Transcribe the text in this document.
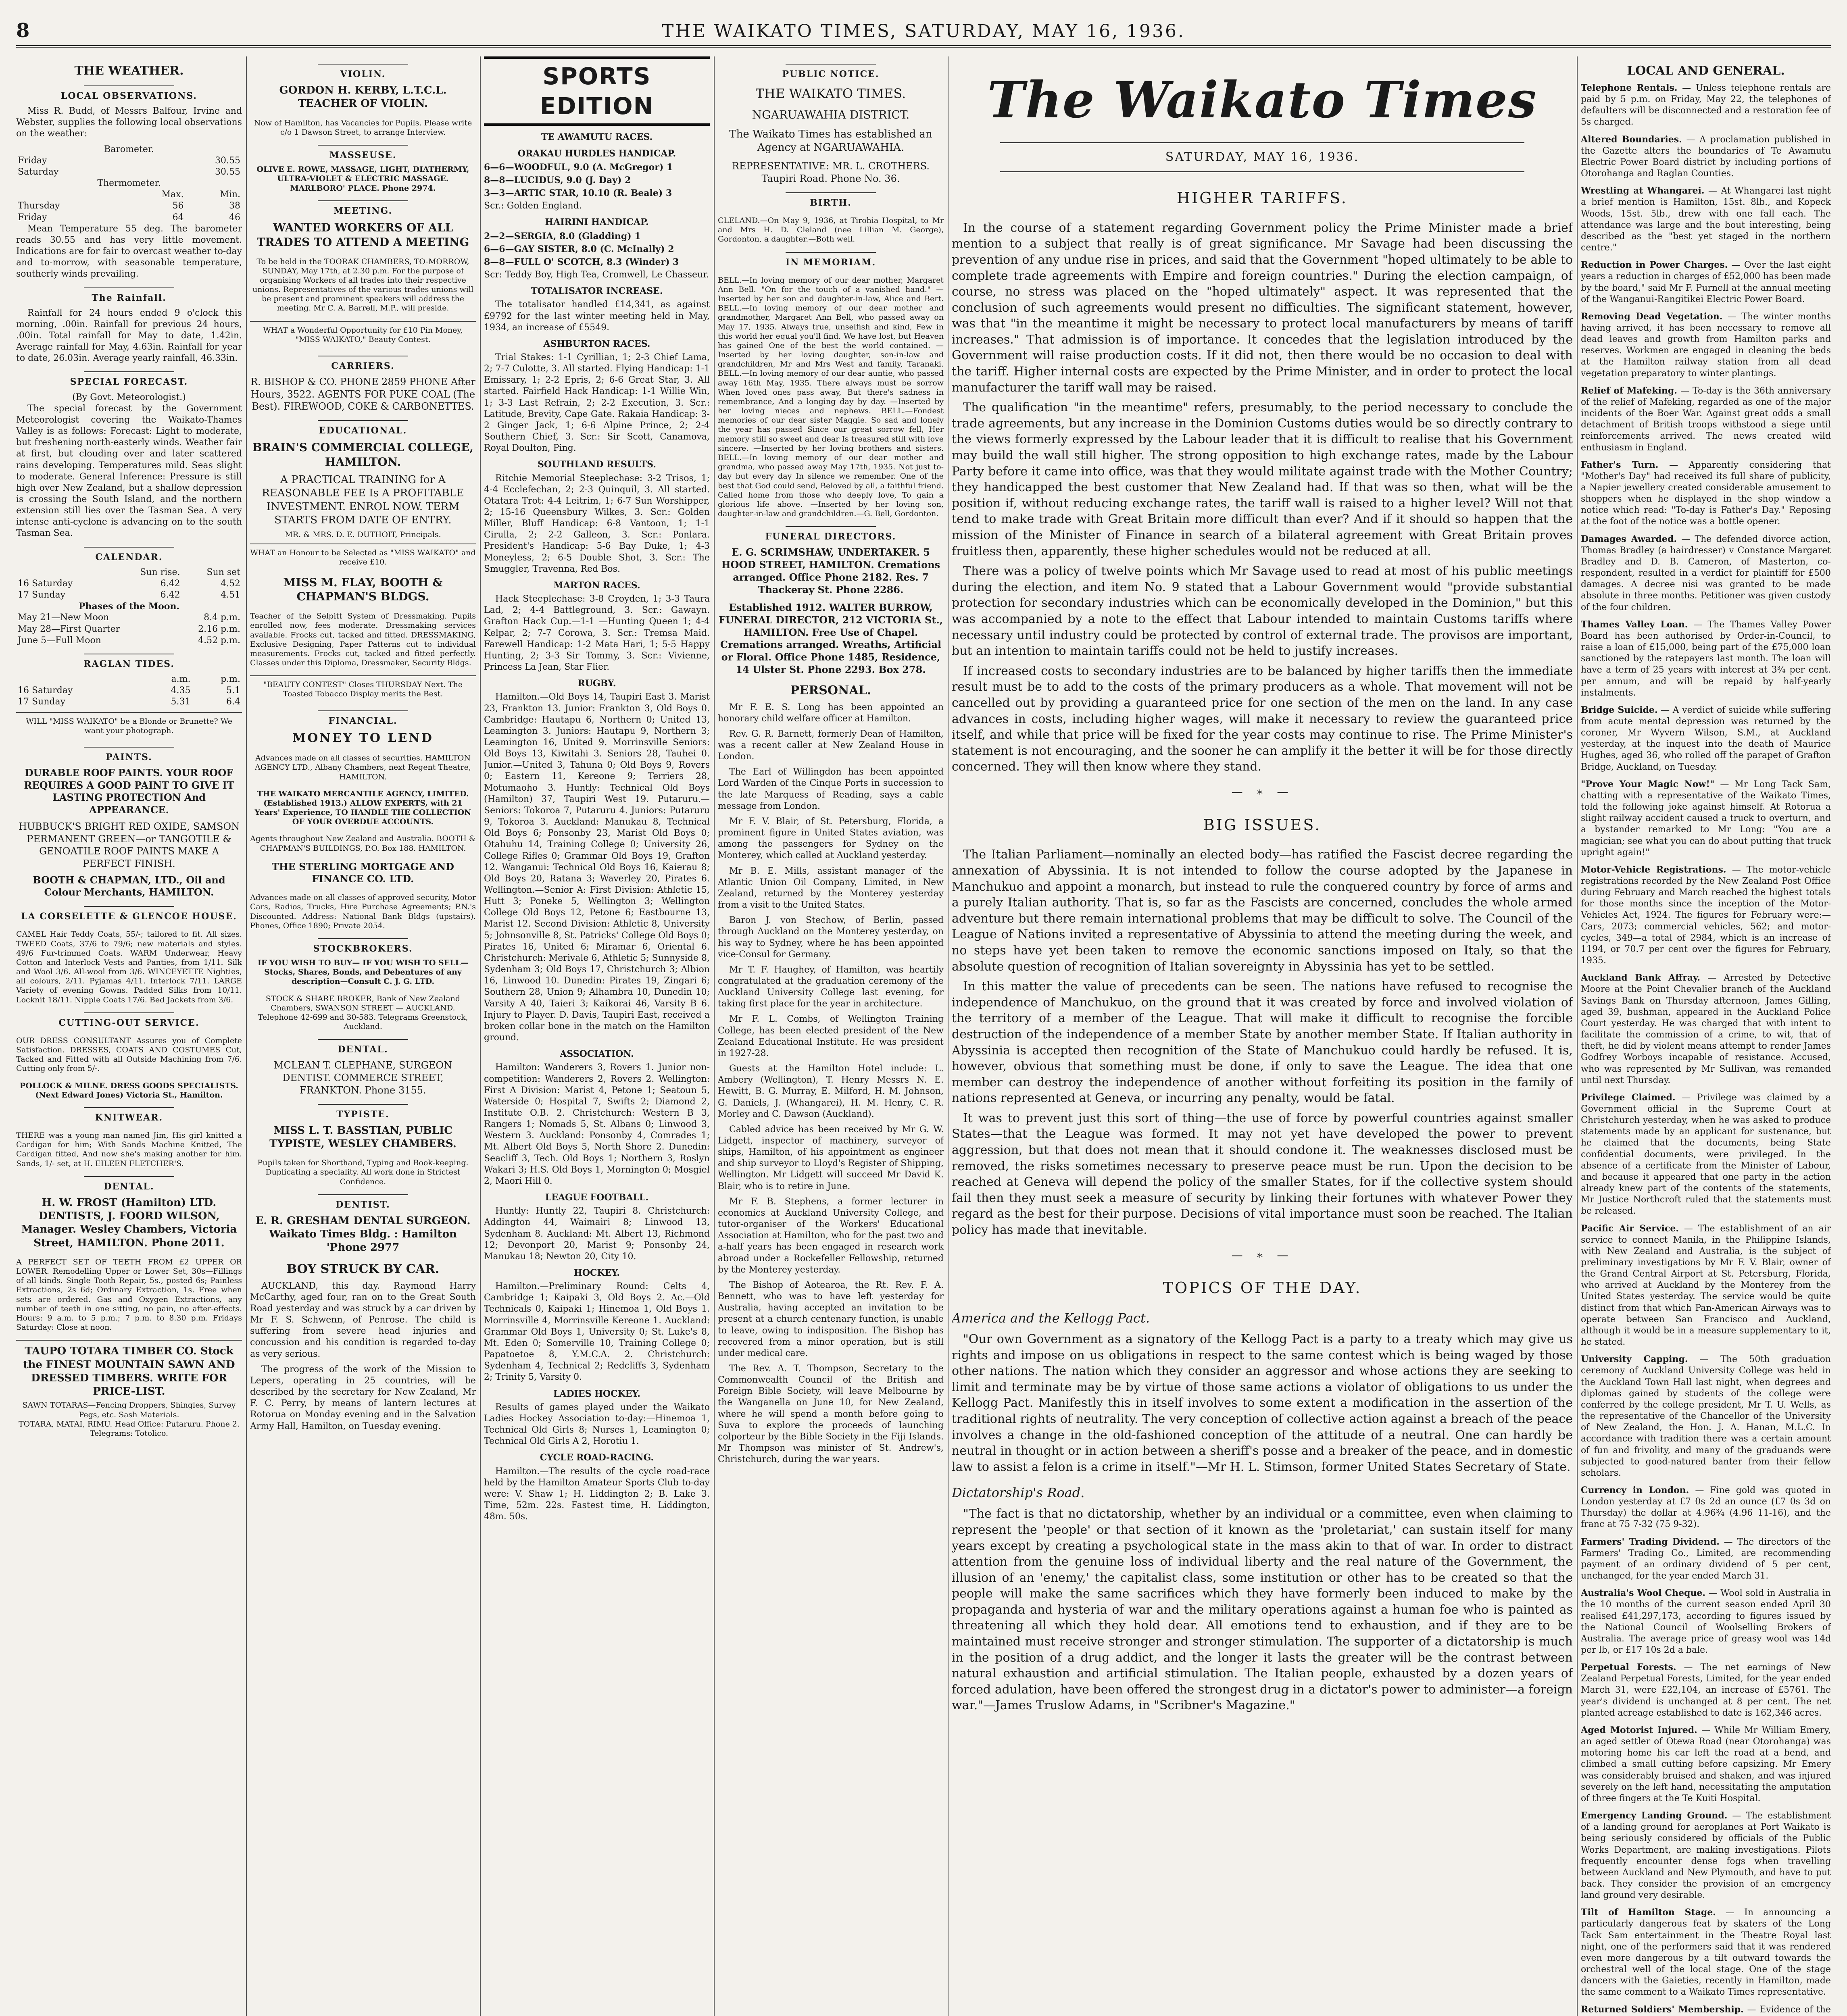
8	THE WAIKATO TIMES, SATURDAY, MAY 16, 1936.
THE WEATHER.
LOCAL OBSERVATIONS.

Miss R. Budd, of Messrs Balfour, Irvine and Webster, supplies the following local observations on the weather:

Barometer.
Friday	30.55
Saturday	30.55
Thermometer.
	Max.	Min.
Thursday	56	38
Friday	64	46

Mean Temperature 55 deg. The barometer reads 30.55 and has very little movement. Indications are for fair to overcast weather to-day and to-morrow, with seasonable temperature, southerly winds prevailing.

The Rainfall.

Rainfall for 24 hours ended 9 o'clock this morning, .00in. Rainfall for previous 24 hours, .00in. Total rainfall for May to date, 1.42in. Average rainfall for May, 4.63in. Rainfall for year to date, 26.03in. Average yearly rainfall, 46.33in.

SPECIAL FORECAST.
(By Govt. Meteorologist.)

The special forecast by the Government Meteorologist covering the Waikato-Thames Valley is as follows: Forecast: Light to moderate, but freshening north-easterly winds. Weather fair at first, but clouding over and later scattered rains developing. Temperatures mild. Seas slight to moderate. General Inference: Pressure is still high over New Zealand, but a shallow depression is crossing the South Island, and the northern extension still lies over the Tasman Sea. A very intense anti-cyclone is advancing on to the south Tasman Sea.

CALENDAR.
	Sun rise.	Sun set
16 Saturday	6.42	4.52
17 Sunday	6.42	4.51
Phases of the Moon.
May 21—New Moon	8.4 p.m.
May 28—First Quarter	2.16 p.m.
June 5—Full Moon	4.52 p.m.
RAGLAN TIDES.
	a.m.	p.m.
16 Saturday	4.35	5.1
17 Sunday	5.31	6.4
WILL "MISS WAIKATO" be a Blonde or Brunette? We want your photograph.
PAINTS.
DURABLE ROOF PAINTS. YOUR ROOF REQUIRES A GOOD PAINT TO GIVE IT LASTING PROTECTION And APPEARANCE.
HUBBUCK'S BRIGHT RED OXIDE, SAMSON PERMANENT GREEN—or TANGOTILE & GENOATILE ROOF PAINTS MAKE A PERFECT FINISH.
BOOTH & CHAPMAN, LTD., Oil and Colour Merchants, HAMILTON.
LA CORSELETTE & GLENCOE HOUSE.

CAMEL Hair Teddy Coats, 55/-; tailored to fit. All sizes. TWEED Coats, 37/6 to 79/6; new materials and styles. 49/6 Fur-trimmed Coats. WARM Underwear, Heavy Cotton and Interlock Vests and Panties, from 1/11. Silk and Wool 3/6. All-wool from 3/6. WINCEYETTE Nighties, all colours, 2/11. Pyjamas 4/11. Interlock 7/11. LARGE Variety of evening Gowns. Padded Silks from 10/11. Locknit 18/11. Nipple Coats 17/6. Bed Jackets from 3/6.

CUTTING-OUT SERVICE.

OUR DRESS CONSULTANT Assures you of Complete Satisfaction. DRESSES, COATS AND COSTUMES Cut, Tacked and Fitted with all Outside Machining from 7/6. Cutting only from 5/-.

POLLOCK & MILNE. DRESS GOODS SPECIALISTS. (Next Edward Jones) Victoria St., Hamilton.
KNITWEAR.

THERE was a young man named Jim, His girl knitted a Cardigan for him; With Sands Machine Knitted, The Cardigan fitted, And now she's making another for him. Sands, 1/- set, at H. EILEEN FLETCHER'S.

DENTAL.
H. W. FROST (Hamilton) LTD. DENTISTS, J. FOORD WILSON, Manager. Wesley Chambers, Victoria Street, HAMILTON. Phone 2011.

A PERFECT SET OF TEETH FROM £2 UPPER OR LOWER. Remodelling Upper or Lower Set, 30s—Fillings of all kinds. Single Tooth Repair, 5s., posted 6s; Painless Extractions, 2s 6d; Ordinary Extraction, 1s. Free when sets are ordered. Gas and Oxygen Extractions, any number of teeth in one sitting, no pain, no after-effects. Hours: 9 a.m. to 5 p.m.; 7 p.m. to 8.30 p.m. Fridays Saturday: Close at noon.

TAUPO TOTARA TIMBER CO. Stock the FINEST MOUNTAIN SAWN AND DRESSED TIMBERS. WRITE FOR PRICE-LIST.
SAWN TOTARAS—Fencing Droppers, Shingles, Survey Pegs, etc. Sash Materials.
TOTARA, MATAI, RIMU. Head Office: Putaruru. Phone 2. Telegrams: Totolico.
VIOLIN.
GORDON H. KERBY, L.T.C.L. TEACHER OF VIOLIN.

Now of Hamilton, has Vacancies for Pupils. Please write c/o 1 Dawson Street, to arrange Interview.

MASSEUSE.
OLIVE E. ROWE, MASSAGE, LIGHT, DIATHERMY, ULTRA-VIOLET & ELECTRIC MASSAGE. MARLBORO' PLACE. Phone 2974.
MEETING.
WANTED WORKERS OF ALL TRADES TO ATTEND A MEETING

To be held in the TOORAK CHAMBERS, TO-MORROW, SUNDAY, May 17th, at 2.30 p.m. For the purpose of organising Workers of all trades into their respective unions. Representatives of the various trades unions will be present and prominent speakers will address the meeting. Mr C. A. Barrell, M.P., will preside.

WHAT a Wonderful Opportunity for £10 Pin Money, "MISS WAIKATO," Beauty Contest.
CARRIERS.
R. BISHOP & CO. PHONE 2859 PHONE After Hours, 3522. AGENTS FOR PUKE COAL (The Best). FIREWOOD, COKE & CARBONETTES.
EDUCATIONAL.
BRAIN'S COMMERCIAL COLLEGE, HAMILTON.
A PRACTICAL TRAINING for A REASONABLE FEE Is A PROFITABLE INVESTMENT. ENROL NOW. TERM STARTS FROM DATE OF ENTRY.
MR. & MRS. D. E. DUTHOIT, Principals.
WHAT an Honour to be Selected as "MISS WAIKATO" and receive £10.
MISS M. FLAY, BOOTH & CHAPMAN'S BLDGS.

Teacher of the Selpitt System of Dressmaking. Pupils enrolled now, fees moderate. Dressmaking services available. Frocks cut, tacked and fitted. DRESSMAKING, Exclusive Designing, Paper Patterns cut to individual measurements. Frocks cut, tacked and fitted perfectly. Classes under this Diploma, Dressmaker, Security Bldgs.

"BEAUTY CONTEST" Closes THURSDAY Next. The Toasted Tobacco Display merits the Best.
FINANCIAL.
MONEY TO LEND

Advances made on all classes of securities. HAMILTON AGENCY LTD., Albany Chambers, next Regent Theatre, HAMILTON.

THE WAIKATO MERCANTILE AGENCY, LIMITED. (Established 1913.) ALLOW EXPERTS, with 21 Years' Experience, TO HANDLE THE COLLECTION OF YOUR OVERDUE ACCOUNTS.

Agents throughout New Zealand and Australia. BOOTH & CHAPMAN'S BUILDINGS, P.O. Box 188. HAMILTON.

THE STERLING MORTGAGE AND FINANCE CO. LTD.

Advances made on all classes of approved security, Motor Cars, Radios, Trucks, Hire Purchase Agreements; P.N.'s Discounted. Address: National Bank Bldgs (upstairs). Phones, Office 1890; Private 2054.

STOCKBROKERS.
IF YOU WISH TO BUY— IF YOU WISH TO SELL— Stocks, Shares, Bonds, and Debentures of any description—Consult C. J. G. LTD.

STOCK & SHARE BROKER, Bank of New Zealand Chambers, SWANSON STREET — AUCKLAND. Telephone 42-699 and 30-583. Telegrams Greenstock, Auckland.

DENTAL.
MCLEAN T. CLEPHANE, SURGEON DENTIST. COMMERCE STREET, FRANKTON. Phone 3155.
TYPISTE.
MISS L. T. BASSTIAN, PUBLIC TYPISTE, WESLEY CHAMBERS.

Pupils taken for Shorthand, Typing and Book-keeping. Duplicating a speciality. All work done in Strictest Confidence.

DENTIST.
E. R. GRESHAM DENTAL SURGEON. Waikato Times Bldg. : Hamilton 'Phone 2977
BOY STRUCK BY CAR.

AUCKLAND, this day. Raymond Harry McCarthy, aged four, ran on to the Great South Road yesterday and was struck by a car driven by Mr F. S. Schwenn, of Penrose. The child is suffering from severe head injuries and concussion and his condition is regarded to-day as very serious.

The progress of the work of the Mission to Lepers, operating in 25 countries, will be described by the secretary for New Zealand, Mr F. C. Perry, by means of lantern lectures at Rotorua on Monday evening and in the Salvation Army Hall, Hamilton, on Tuesday evening.

SPORTS EDITION
TE AWAMUTU RACES.
ORAKAU HURDLES HANDICAP.
6—6—WOODFUL, 9.0 (A. McGregor) 1
8—8—LUCIDUS, 9.0 (J. Day) 2
3—3—ARTIC STAR, 10.10 (R. Beale) 3
Scr.: Golden England.
HAIRINI HANDICAP.
2—2—SERGIA, 8.0 (Gladding) 1
6—6—GAY SISTER, 8.0 (C. McInally) 2
8—8—FULL O' SCOTCH, 8.3 (Winder) 3
Scr: Teddy Boy, High Tea, Cromwell, Le Chasseur.
TOTALISATOR INCREASE.

The totalisator handled £14,341, as against £9792 for the last winter meeting held in May, 1934, an increase of £5549.

ASHBURTON RACES.

Trial Stakes: 1-1 Cyrillian, 1; 2-3 Chief Lama, 2; 7-7 Culotte, 3. All started. Flying Handicap: 1-1 Emissary, 1; 2-2 Epris, 2; 6-6 Great Star, 3. All started. Fairfield Hack Handicap: 1-1 Willie Win, 1; 3-3 Last Refrain, 2; 2-2 Execution, 3. Scr.: Latitude, Brevity, Cape Gate. Rakaia Handicap: 3-2 Ginger Jack, 1; 6-6 Alpine Prince, 2; 2-4 Southern Chief, 3. Scr.: Sir Scott, Canamova, Royal Doulton, Ping.

SOUTHLAND RESULTS.

Ritchie Memorial Steeplechase: 3-2 Trisos, 1; 4-4 Ecclefechan, 2; 2-3 Quinquil, 3. All started. Otatara Trot: 4-4 Leitrim, 1; 6-7 Sun Worshipper, 2; 15-16 Queensbury Wilkes, 3. Scr.: Golden Miller, Bluff Handicap: 6-8 Vantoon, 1; 1-1 Cirulla, 2; 2-2 Galleon, 3. Scr.: Ponlara. President's Handicap: 5-6 Bay Duke, 1; 4-3 Moneyless, 2; 6-5 Double Shot, 3. Scr.: The Smuggler, Travenna, Red Bos.

MARTON RACES.

Hack Steeplechase: 3-8 Croyden, 1; 3-3 Taura Lad, 2; 4-4 Battleground, 3. Scr.: Gawayn. Grafton Hack Cup.—1-1 —Hunting Queen 1; 4-4 Kelpar, 2; 7-7 Corowa, 3. Scr.: Tremsa Maid. Farewell Handicap: 1-2 Mata Hari, 1; 5-5 Happy Hunting, 2; 3-3 Sir Tommy, 3. Scr.: Vivienne, Princess La Jean, Star Flier.

RUGBY.

Hamilton.—Old Boys 14, Taupiri East 3. Marist 23, Frankton 13. Junior: Frankton 3, Old Boys 0. Cambridge: Hautapu 6, Northern 0; United 13, Leamington 3. Juniors: Hautapu 9, Northern 3; Leamington 16, United 9. Morrinsville Seniors: Old Boys 13, Kiwitahi 3. Seniors 28, Tauhei 0. Junior.—United 3, Tahuna 0; Old Boys 9, Rovers 0; Eastern 11, Kereone 9; Terriers 28, Motumaoho 3. Huntly: Technical Old Boys (Hamilton) 37, Taupiri West 19. Putaruru.—Seniors: Tokoroa 7, Putaruru 4. Juniors: Putaruru 9, Tokoroa 3. Auckland: Manukau 8, Technical Old Boys 6; Ponsonby 23, Marist Old Boys 0; Otahuhu 14, Training College 0; University 26, College Rifles 0; Grammar Old Boys 19, Grafton 12. Wanganui: Technical Old Boys 16, Kaierau 8; Old Boys 20, Ratana 3; Waverley 20, Pirates 6. Wellington.—Senior A: First Division: Athletic 15, Hutt 3; Poneke 5, Wellington 3; Wellington College Old Boys 12, Petone 6; Eastbourne 13, Marist 12. Second Division: Athletic 8, University 5; Johnsonville 8, St. Patricks' College Old Boys 0; Pirates 16, United 6; Miramar 6, Oriental 6. Christchurch: Merivale 6, Athletic 5; Sunnyside 8, Sydenham 3; Old Boys 17, Christchurch 3; Albion 16, Linwood 10. Dunedin: Pirates 19, Zingari 6; Southern 28, Union 9; Alhambra 10, Dunedin 10; Varsity A 40, Taieri 3; Kaikorai 46, Varsity B 6. Injury to Player. D. Davis, Taupiri East, received a broken collar bone in the match on the Hamilton ground.

ASSOCIATION.

Hamilton: Wanderers 3, Rovers 1. Junior non-competition: Wanderers 2, Rovers 2. Wellington: First A Division: Marist 4, Petone 1; Seatoun 5, Waterside 0; Hospital 7, Swifts 2; Diamond 2, Institute O.B. 2. Christchurch: Western B 3, Rangers 1; Nomads 5, St. Albans 0; Linwood 3, Western 3. Auckland: Ponsonby 4, Comrades 1; Mt. Albert Old Boys 5, North Shore 2. Dunedin: Seacliff 3, Tech. Old Boys 1; Northern 3, Roslyn Wakari 3; H.S. Old Boys 1, Mornington 0; Mosgiel 2, Maori Hill 0.

LEAGUE FOOTBALL.

Huntly: Huntly 22, Taupiri 8. Christchurch: Addington 44, Waimairi 8; Linwood 13, Sydenham 8. Auckland: Mt. Albert 13, Richmond 12; Devonport 20, Marist 9; Ponsonby 24, Manukau 18; Newton 20, City 10.

HOCKEY.

Hamilton.—Preliminary Round: Celts 4, Cambridge 1; Kaipaki 3, Old Boys 2. Ac.—Old Technicals 0, Kaipaki 1; Hinemoa 1, Old Boys 1. Morrinsville 4, Morrinsville Kereone 1. Auckland: Grammar Old Boys 1, University 0; St. Luke's 8, Mt. Eden 0; Somerville 10, Training College 0; Papatoetoe 8, Y.M.C.A. 2. Christchurch: Sydenham 4, Technical 2; Redcliffs 3, Sydenham 2; Trinity 5, Varsity 0.

LADIES HOCKEY.

Results of games played under the Waikato Ladies Hockey Association to-day:—Hinemoa 1, Technical Old Girls 8; Nurses 1, Leamington 0; Technical Old Girls A 2, Horotiu 1.

CYCLE ROAD-RACING.

Hamilton.—The results of the cycle road-race held by the Hamilton Amateur Sports Club to-day were: V. Shaw 1; H. Liddington 2; B. Lake 3. Time, 52m. 22s. Fastest time, H. Liddington, 48m. 50s.

PUBLIC NOTICE.
THE WAIKATO TIMES.
NGARUAWAHIA DISTRICT.
The Waikato Times has established an Agency at NGARUAWAHIA.
REPRESENTATIVE: MR. L. CROTHERS. Taupiri Road. Phone No. 36.
BIRTH.

CLELAND.—On May 9, 1936, at Tirohia Hospital, to Mr and Mrs H. D. Cleland (nee Lillian M. George), Gordonton, a daughter.—Both well.

IN MEMORIAM.

BELL.—In loving memory of our dear mother, Margaret Ann Bell. "On for the touch of a vanished hand." —Inserted by her son and daughter-in-law, Alice and Bert. BELL.—In loving memory of our dear mother and grandmother, Margaret Ann Bell, who passed away on May 17, 1935. Always true, unselfish and kind, Few in this world her equal you'll find. We have lost, but Heaven has gained One of the best the world contained. —Inserted by her loving daughter, son-in-law and grandchildren, Mr and Mrs West and family, Taranaki. BELL.—In loving memory of our dear auntie, who passed away 16th May, 1935. There always must be sorrow When loved ones pass away, But there's sadness in remembrance, And a longing day by day. —Inserted by her loving nieces and nephews. BELL.—Fondest memories of our dear sister Maggie. So sad and lonely the year has passed Since our great sorrow fell, Her memory still so sweet and dear Is treasured still with love sincere. —Inserted by her loving brothers and sisters. BELL.—In loving memory of our dear mother and grandma, who passed away May 17th, 1935. Not just to-day but every day In silence we remember. One of the best that God could send, Beloved by all, a faithful friend. Called home from those who deeply love, To gain a glorious life above. —Inserted by her loving son, daughter-in-law and grandchildren.—G. Bell, Gordonton.

FUNERAL DIRECTORS.
E. G. SCRIMSHAW, UNDERTAKER. 5 HOOD STREET, HAMILTON. Cremations arranged. Office Phone 2182. Res. 7 Thackeray St. Phone 2286.
Established 1912. WALTER BURROW, FUNERAL DIRECTOR, 212 VICTORIA St., HAMILTON. Free Use of Chapel. Cremations arranged. Wreaths, Artificial or Floral. Office Phone 1485, Residence, 14 Ulster St. Phone 2293. Box 278.
PERSONAL.

Mr F. E. S. Long has been appointed an honorary child welfare officer at Hamilton.

Rev. G. R. Barnett, formerly Dean of Hamilton, was a recent caller at New Zealand House in London.

The Earl of Willingdon has been appointed Lord Warden of the Cinque Ports in succession to the late Marquess of Reading, says a cable message from London.

Mr F. V. Blair, of St. Petersburg, Florida, a prominent figure in United States aviation, was among the passengers for Sydney on the Monterey, which called at Auckland yesterday.

Mr B. E. Mills, assistant manager of the Atlantic Union Oil Company, Limited, in New Zealand, returned by the Monterey yesterday from a visit to the United States.

Baron J. von Stechow, of Berlin, passed through Auckland on the Monterey yesterday, on his way to Sydney, where he has been appointed vice-Consul for Germany.

Mr T. F. Haughey, of Hamilton, was heartily congratulated at the graduation ceremony of the Auckland University College last evening, for taking first place for the year in architecture.

Mr F. L. Combs, of Wellington Training College, has been elected president of the New Zealand Educational Institute. He was president in 1927-28.

Guests at the Hamilton Hotel include: L. Ambery (Wellington), T. Henry Messrs N. E. Hewitt, B. G. Murray, E. Milford, H. M. Johnson, G. Daniels, J. (Whangarei), H. M. Henry, C. R. Morley and C. Dawson (Auckland).

Cabled advice has been received by Mr G. W. Lidgett, inspector of machinery, surveyor of ships, Hamilton, of his appointment as engineer and ship surveyor to Lloyd's Register of Shipping, Wellington. Mr Lidgett will succeed Mr David K. Blair, who is to retire in June.

Mr F. B. Stephens, a former lecturer in economics at Auckland University College, and tutor-organiser of the Workers' Educational Association at Hamilton, who for the past two and a-half years has been engaged in research work abroad under a Rockefeller Fellowship, returned by the Monterey yesterday.

The Bishop of Aotearoa, the Rt. Rev. F. A. Bennett, who was to have left yesterday for Australia, having accepted an invitation to be present at a church centenary function, is unable to leave, owing to indisposition. The Bishop has recovered from a minor operation, but is still under medical care.

The Rev. A. T. Thompson, Secretary to the Commonwealth Council of the British and Foreign Bible Society, will leave Melbourne by the Wanganella on June 10, for New Zealand, where he will spend a month before going to Suva to explore the proceeds of launching colporteur by the Bible Society in the Fiji Islands. Mr Thompson was minister of St. Andrew's, Christchurch, during the war years.

The Waikato Times
SATURDAY, MAY 16, 1936.
HIGHER TARIFFS.

In the course of a statement regarding Government policy the Prime Minister made a brief mention to a subject that really is of great significance. Mr Savage had been discussing the prevention of any undue rise in prices, and said that the Government "hoped ultimately to be able to complete trade agreements with Empire and foreign countries." During the election campaign, of course, no stress was placed on the "hoped ultimately" aspect. It was represented that the conclusion of such agreements would present no difficulties. The significant statement, however, was that "in the meantime it might be necessary to protect local manufacturers by means of tariff increases." That admission is of importance. It concedes that the legislation introduced by the Government will raise production costs. If it did not, then there would be no occasion to deal with the tariff. Higher internal costs are expected by the Prime Minister, and in order to protect the local manufacturer the tariff wall may be raised.

The qualification "in the meantime" refers, presumably, to the period necessary to conclude the trade agreements, but any increase in the Dominion Customs duties would be so directly contrary to the views formerly expressed by the Labour leader that it is difficult to realise that his Government may build the wall still higher. The strong opposition to high exchange rates, made by the Labour Party before it came into office, was that they would militate against trade with the Mother Country; they handicapped the best customer that New Zealand had. If that was so then, what will be the position if, without reducing exchange rates, the tariff wall is raised to a higher level? Will not that tend to make trade with Great Britain more difficult than ever? And if it should so happen that the mission of the Minister of Finance in search of a bilateral agreement with Great Britain proves fruitless then, apparently, these higher schedules would not be reduced at all.

There was a policy of twelve points which Mr Savage used to read at most of his public meetings during the election, and item No. 9 stated that a Labour Government would "provide substantial protection for secondary industries which can be economically developed in the Dominion," but this was accompanied by a note to the effect that Labour intended to maintain Customs tariffs where necessary until industry could be protected by control of external trade. The provisos are important, but an intention to maintain tariffs could not be held to justify increases.

If increased costs to secondary industries are to be balanced by higher tariffs then the immediate result must be to add to the costs of the primary producers as a whole. That movement will not be cancelled out by providing a guaranteed price for one section of the men on the land. In any case advances in costs, including higher wages, will make it necessary to review the guaranteed price itself, and while that price will be fixed for the year costs may continue to rise. The Prime Minister's statement is not encouraging, and the sooner he can amplify it the better it will be for those directly concerned. They will then know where they stand.

— ∗ —
BIG ISSUES.

The Italian Parliament—nominally an elected body—has ratified the Fascist decree regarding the annexation of Abyssinia. It is not intended to follow the course adopted by the Japanese in Manchukuo and appoint a monarch, but instead to rule the conquered country by force of arms and a purely Italian authority. That is, so far as the Fascists are concerned, concludes the whole armed adventure but there remain international problems that may be difficult to solve. The Council of the League of Nations invited a representative of Abyssinia to attend the meeting during the week, and no steps have yet been taken to remove the economic sanctions imposed on Italy, so that the absolute question of recognition of Italian sovereignty in Abyssinia has yet to be settled.

In this matter the value of precedents can be seen. The nations have refused to recognise the independence of Manchukuo, on the ground that it was created by force and involved violation of the territory of a member of the League. That will make it difficult to recognise the forcible destruction of the independence of a member State by another member State. If Italian authority in Abyssinia is accepted then recognition of the State of Manchukuo could hardly be refused. It is, however, obvious that something must be done, if only to save the League. The idea that one member can destroy the independence of another without forfeiting its position in the family of nations represented at Geneva, or incurring any penalty, would be fatal.

It was to prevent just this sort of thing—the use of force by powerful countries against smaller States—that the League was formed. It may not yet have developed the power to prevent aggression, but that does not mean that it should condone it. The weaknesses disclosed must be removed, the risks sometimes necessary to preserve peace must be run. Upon the decision to be reached at Geneva will depend the policy of the smaller States, for if the collective system should fail then they must seek a measure of security by linking their fortunes with whatever Power they regard as the best for their purpose. Decisions of vital importance must soon be reached. The Italian policy has made that inevitable.

— ∗ —
TOPICS OF THE DAY.
America and the Kellogg Pact.

"Our own Government as a signatory of the Kellogg Pact is a party to a treaty which may give us rights and impose on us obligations in respect to the same contest which is being waged by those other nations. The nation which they consider an aggressor and whose actions they are seeking to limit and terminate may be by virtue of those same actions a violator of obligations to us under the Kellogg Pact. Manifestly this in itself involves to some extent a modification in the assertion of the traditional rights of neutrality. The very conception of collective action against a breach of the peace involves a change in the old-fashioned conception of the attitude of a neutral. One can hardly be neutral in thought or in action between a sheriff's posse and a breaker of the peace, and in domestic law to assist a felon is a crime in itself."—Mr H. L. Stimson, former United States Secretary of State.

Dictatorship's Road.

"The fact is that no dictatorship, whether by an individual or a committee, even when claiming to represent the 'people' or that section of it known as the 'proletariat,' can sustain itself for many years except by creating a psychological state in the mass akin to that of war. In order to distract attention from the genuine loss of individual liberty and the real nature of the Government, the illusion of an 'enemy,' the capitalist class, some institution or other has to be created so that the people will make the same sacrifices which they have formerly been induced to make by the propaganda and hysteria of war and the military operations against a human foe who is painted as threatening all which they hold dear. All emotions tend to exhaustion, and if they are to be maintained must receive stronger and stronger stimulation. The supporter of a dictatorship is much in the position of a drug addict, and the longer it lasts the greater will be the contrast between natural exhaustion and artificial stimulation. The Italian people, exhausted by a dozen years of forced adulation, have been offered the strongest drug in a dictator's power to administer—a foreign war."—James Truslow Adams, in "Scribner's Magazine."

LOCAL AND GENERAL.
Telephone Rentals. — Unless telephone rentals are paid by 5 p.m. on Friday, May 22, the telephones of defaulters will be disconnected and a restoration fee of 5s charged.
Altered Boundaries. — A proclamation published in the Gazette alters the boundaries of Te Awamutu Electric Power Board district by including portions of Otorohanga and Raglan Counties.
Wrestling at Whangarei. — At Whangarei last night a brief mention is Hamilton, 15st. 8lb., and Kopeck Woods, 15st. 5lb., drew with one fall each. The attendance was large and the bout interesting, being described as the "best yet staged in the northern centre."
Reduction in Power Charges. — Over the last eight years a reduction in charges of £52,000 has been made by the board," said Mr F. Purnell at the annual meeting of the Wanganui-Rangitikei Electric Power Board.
Removing Dead Vegetation. — The winter months having arrived, it has been necessary to remove all dead leaves and growth from Hamilton parks and reserves. Workmen are engaged in cleaning the beds at the Hamilton railway station from all dead vegetation preparatory to winter plantings.
Relief of Mafeking. — To-day is the 36th anniversary of the relief of Mafeking, regarded as one of the major incidents of the Boer War. Against great odds a small detachment of British troops withstood a siege until reinforcements arrived. The news created wild enthusiasm in England.
Father's Turn. — Apparently considering that "Mother's Day" had received its full share of publicity, a Napier jewellery created considerable amusement to shoppers when he displayed in the shop window a notice which read: "To-day is Father's Day." Reposing at the foot of the notice was a bottle opener.
Damages Awarded. — The defended divorce action, Thomas Bradley (a hairdresser) v Constance Margaret Bradley and D. B. Cameron, of Masterton, co-respondent, resulted in a verdict for plaintiff for £500 damages. A decree nisi was granted to be made absolute in three months. Petitioner was given custody of the four children.
Thames Valley Loan. — The Thames Valley Power Board has been authorised by Order-in-Council, to raise a loan of £15,000, being part of the £75,000 loan sanctioned by the ratepayers last month. The loan will have a term of 25 years with interest at 3¾ per cent. per annum, and will be repaid by half-yearly instalments.
Bridge Suicide. — A verdict of suicide while suffering from acute mental depression was returned by the coroner, Mr Wyvern Wilson, S.M., at Auckland yesterday, at the inquest into the death of Maurice Hughes, aged 36, who rolled off the parapet of Grafton Bridge, Auckland, on Tuesday.
"Prove Your Magic Now!" — Mr Long Tack Sam, chatting with a representative of the Waikato Times, told the following joke against himself. At Rotorua a slight railway accident caused a truck to overturn, and a bystander remarked to Mr Long: "You are a magician; see what you can do about putting that truck upright again!"
Motor-Vehicle Registrations. — The motor-vehicle registrations recorded by the New Zealand Post Office during February and March reached the highest totals for those months since the inception of the Motor-Vehicles Act, 1924. The figures for February were:—Cars, 2073; commercial vehicles, 562; and motor-cycles, 349—a total of 2984, which is an increase of 1194, or 70.7 per cent over the figures for February, 1935.
Auckland Bank Affray. — Arrested by Detective Moore at the Point Chevalier branch of the Auckland Savings Bank on Thursday afternoon, James Gilling, aged 39, bushman, appeared in the Auckland Police Court yesterday. He was charged that with intent to facilitate the commission of a crime, to wit, that of theft, he did by violent means attempt to render James Godfrey Worboys incapable of resistance. Accused, who was represented by Mr Sullivan, was remanded until next Thursday.
Privilege Claimed. — Privilege was claimed by a Government official in the Supreme Court at Christchurch yesterday, when he was asked to produce statements made by an applicant for sustenance, but he claimed that the documents, being State confidential documents, were privileged. In the absence of a certificate from the Minister of Labour, and because it appeared that one party in the action already knew part of the contents of the statements, Mr Justice Northcroft ruled that the statements must be released.
Pacific Air Service. — The establishment of an air service to connect Manila, in the Philippine Islands, with New Zealand and Australia, is the subject of preliminary investigations by Mr F. V. Blair, owner of the Grand Central Airport at St. Petersburg, Florida, who arrived at Auckland by the Monterey from the United States yesterday. The service would be quite distinct from that which Pan-American Airways was to operate between San Francisco and Auckland, although it would be in a measure supplementary to it, he stated.
University Capping. — The 50th graduation ceremony of Auckland University College was held in the Auckland Town Hall last night, when degrees and diplomas gained by students of the college were conferred by the college president, Mr T. U. Wells, as the representative of the Chancellor of the University of New Zealand, the Hon. J. A. Hanan, M.L.C. In accordance with tradition there was a certain amount of fun and frivolity, and many of the graduands were subjected to good-natured banter from their fellow scholars.
Currency in London. — Fine gold was quoted in London yesterday at £7 0s 2d an ounce (£7 0s 3d on Thursday) the dollar at 4.96¾ (4.96 11-16), and the franc at 75 7-32 (75 9-32).
Farmers' Trading Dividend. — The directors of the Farmers' Trading Co., Limited, are recommending payment of an ordinary dividend of 5 per cent, unchanged, for the year ended March 31.
Australia's Wool Cheque. — Wool sold in Australia in the 10 months of the current season ended April 30 realised £41,297,173, according to figures issued by the National Council of Woolselling Brokers of Australia. The average price of greasy wool was 14d per lb, or £17 10s 2d a bale.
Perpetual Forests. — The net earnings of New Zealand Perpetual Forests, Limited, for the year ended March 31, were £22,104, an increase of £5761. The year's dividend is unchanged at 8 per cent. The net planted acreage established to date is 162,346 acres.
Aged Motorist Injured. — While Mr William Emery, an aged settler of Otewa Road (near Otorohanga) was motoring home his car left the road at a bend, and climbed a small cutting before capsizing. Mr Emery was considerably bruised and shaken, and was injured severely on the left hand, necessitating the amputation of three fingers at the Te Kuiti Hospital.
Emergency Landing Ground. — The establishment of a landing ground for aeroplanes at Port Waikato is being seriously considered by officials of the Public Works Department, are making investigations. Pilots frequently encounter dense fogs when travelling between Auckland and New Plymouth, and have to put back. They consider the provision of an emergency land ground very desirable.
Tilt of Hamilton Stage. — In announcing a particularly dangerous feat by skaters of the Long Tack Sam entertainment in the Theatre Royal last night, one of the performers said that it was rendered even more dangerous by a tilt outward towards the orchestral well of the local stage. One of the stage dancers with the Gaieties, recently in Hamilton, made the same comment to a Waikato Times representative.
Returned Soldiers' Membership. — Evidence of the
